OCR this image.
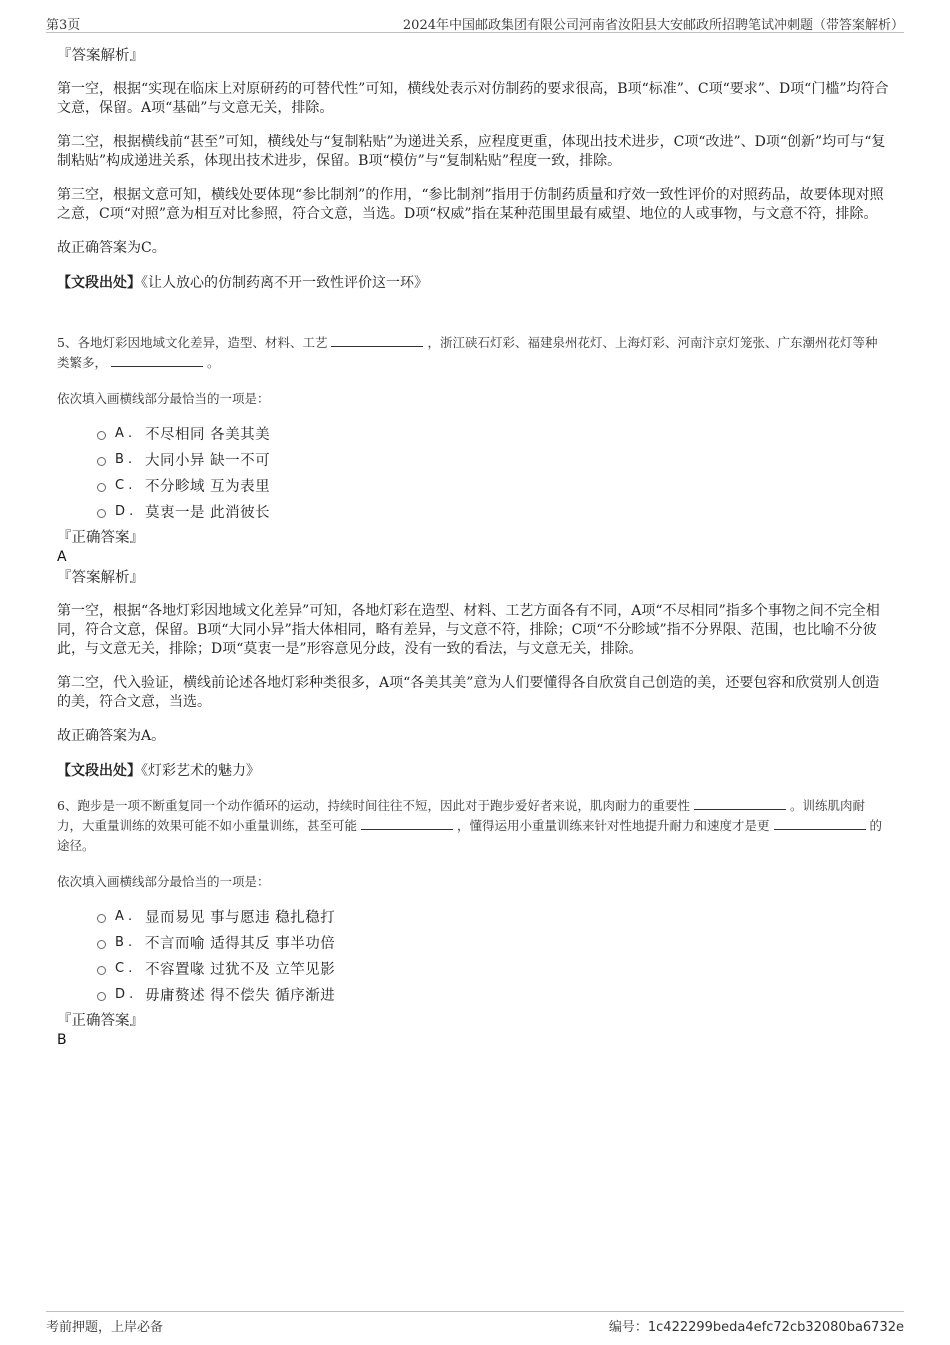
第3页	2024年中国邮政集团有限公司河南省汝阳县大安邮政所招聘笔试冲刺题（带答案解析）
『答案解析』

第一空，根据“实现在临床上对原研药的可替代性”可知，横线处表示对仿制药的要求很高，B项“标准”、C项“要求”、D项“门槛”均符合文意，保留。A项“基础”与文意无关，排除。

第二空，根据横线前“甚至”可知，横线处与“复制粘贴”为递进关系，应程度更重，体现出技术进步，C项“改进”、D项“创新”均可与“复制粘贴”构成递进关系，体现出技术进步，保留。B项“模仿”与“复制粘贴”程度一致，排除。

第三空，根据文意可知，横线处要体现“参比制剂”的作用，“参比制剂”指用于仿制药质量和疗效一致性评价的对照药品，故要体现对照之意，C项“对照”意为相互对比参照，符合文意，当选。D项“权威”指在某种范围里最有威望、地位的人或事物，与文意不符，排除。

故正确答案为C。

【文段出处】《让人放心的仿制药离不开一致性评价这一环》

5、各地灯彩因地域文化差异，造型、材料、工艺	，浙江硖石灯彩、福建泉州花灯、上海灯彩、河南汴京灯笼张、广东潮州花灯等种类繁多，	。

依次填入画横线部分最恰当的一项是：
A . 不尽相同 各美其美
B . 大同小异 缺一不可
C . 不分畛域 互为表里
D . 莫衷一是 此消彼长
『正确答案』
A
『答案解析』

第一空，根据“各地灯彩因地域文化差异”可知，各地灯彩在造型、材料、工艺方面各有不同，A项“不尽相同”指多个事物之间不完全相同，符合文意，保留。B项“大同小异”指大体相同，略有差异，与文意不符，排除；C项“不分畛域”指不分界限、范围，也比喻不分彼此，与文意无关，排除；D项“莫衷一是”形容意见分歧，没有一致的看法，与文意无关，排除。

第二空，代入验证，横线前论述各地灯彩种类很多，A项“各美其美”意为人们要懂得各自欣赏自己创造的美，还要包容和欣赏别人创造的美，符合文意，当选。

故正确答案为A。

【文段出处】《灯彩艺术的魅力》

6、跑步是一项不断重复同一个动作循环的运动，持续时间往往不短，因此对于跑步爱好者来说，肌肉耐力的重要性	。训练肌肉耐力，大重量训练的效果可能不如小重量训练，甚至可能	，懂得运用小重量训练来针对性地提升耐力和速度才是更	的途径。

依次填入画横线部分最恰当的一项是：
A . 显而易见 事与愿违 稳扎稳打
B . 不言而喻 适得其反 事半功倍
C . 不容置喙 过犹不及 立竿见影
D . 毋庸赘述 得不偿失 循序渐进
『正确答案』
B
考前押题，上岸必备	编号：1c422299beda4efc72cb32080ba6732e
